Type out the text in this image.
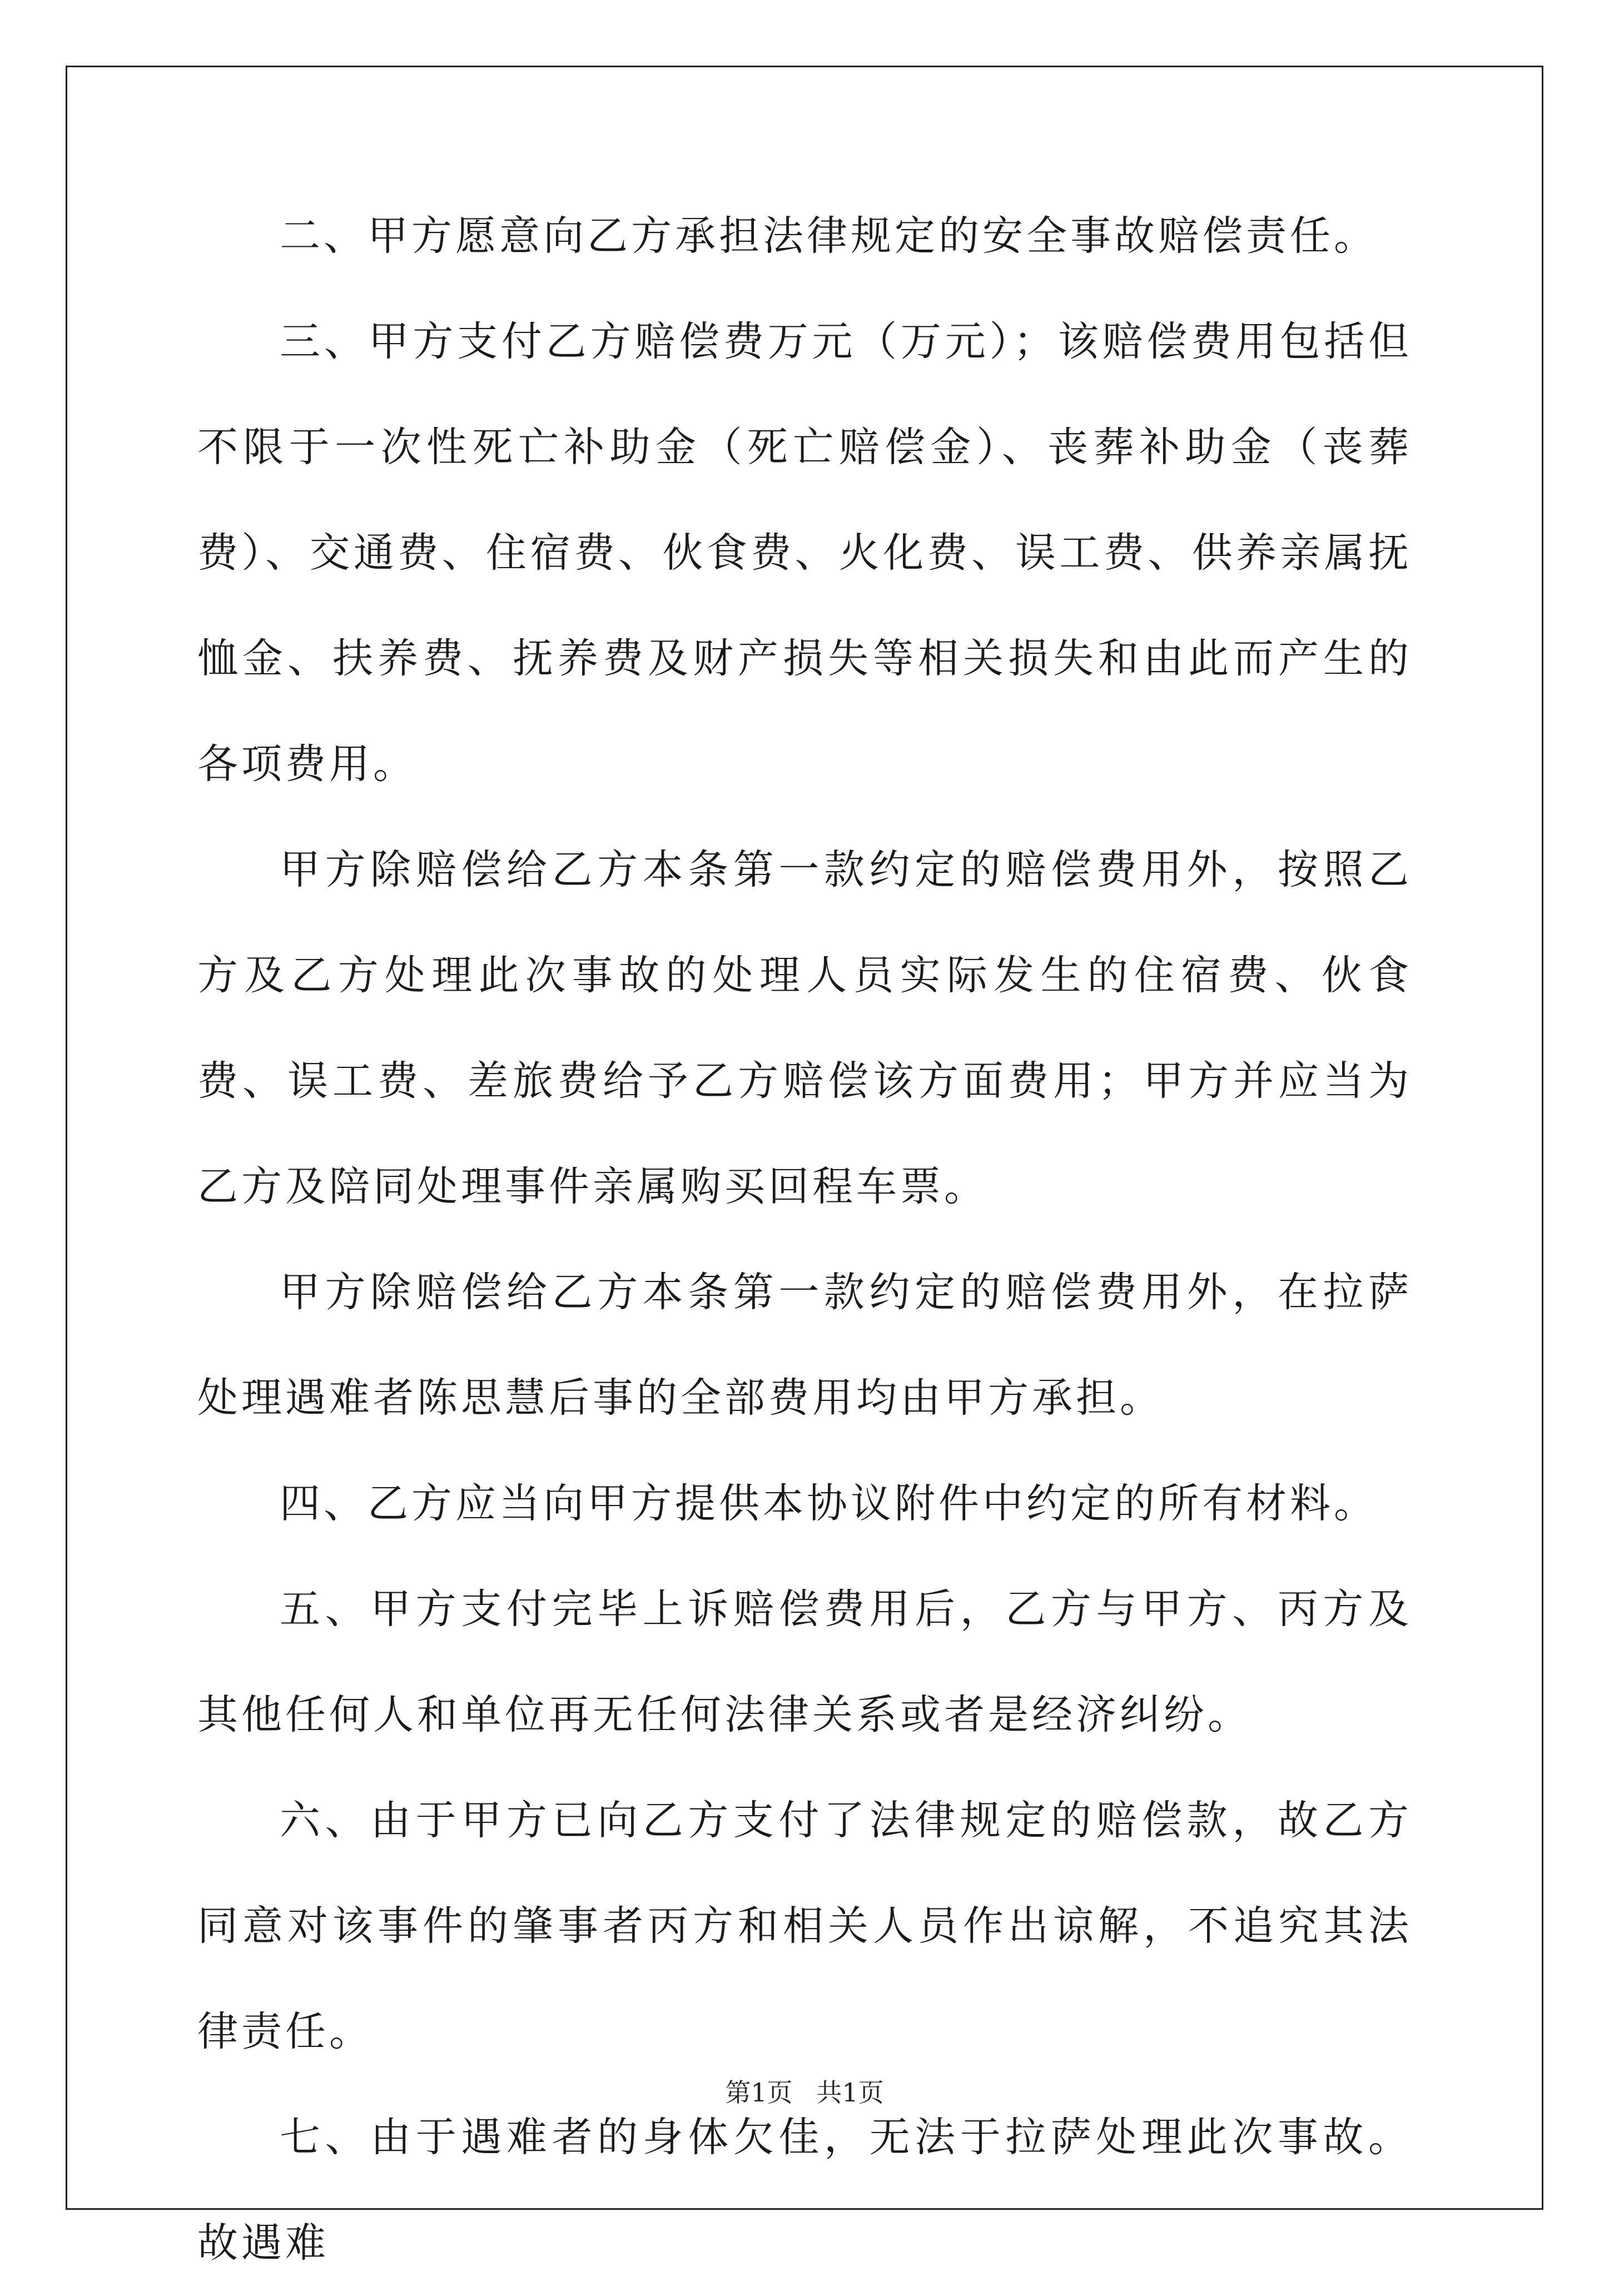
二、甲方愿意向乙方承担法律规定的安全事故赔偿责任。

三、甲方支付乙方赔偿费万元（万元）；该赔偿费用包括但不限于一次性死亡补助金（死亡赔偿金）、丧葬补助金（丧葬费）、交通费、住宿费、伙食费、火化费、误工费、供养亲属抚恤金、扶养费、抚养费及财产损失等相关损失和由此而产生的各项费用。

甲方除赔偿给乙方本条第一款约定的赔偿费用外，按照乙方及乙方处理此次事故的处理人员实际发生的住宿费、伙食费、误工费、差旅费给予乙方赔偿该方面费用；甲方并应当为乙方及陪同处理事件亲属购买回程车票。

甲方除赔偿给乙方本条第一款约定的赔偿费用外，在拉萨处理遇难者陈思慧后事的全部费用均由甲方承担。

四、乙方应当向甲方提供本协议附件中约定的所有材料。

五、甲方支付完毕上诉赔偿费用后，乙方与甲方、丙方及其他任何人和单位再无任何法律关系或者是经济纠纷。

六、由于甲方已向乙方支付了法律规定的赔偿款，故乙方同意对该事件的肇事者丙方和相关人员作出谅解，不追究其法律责任。

七、由于遇难者的身体欠佳，无法于拉萨处理此次事故。故遇难

第1页 共1页
